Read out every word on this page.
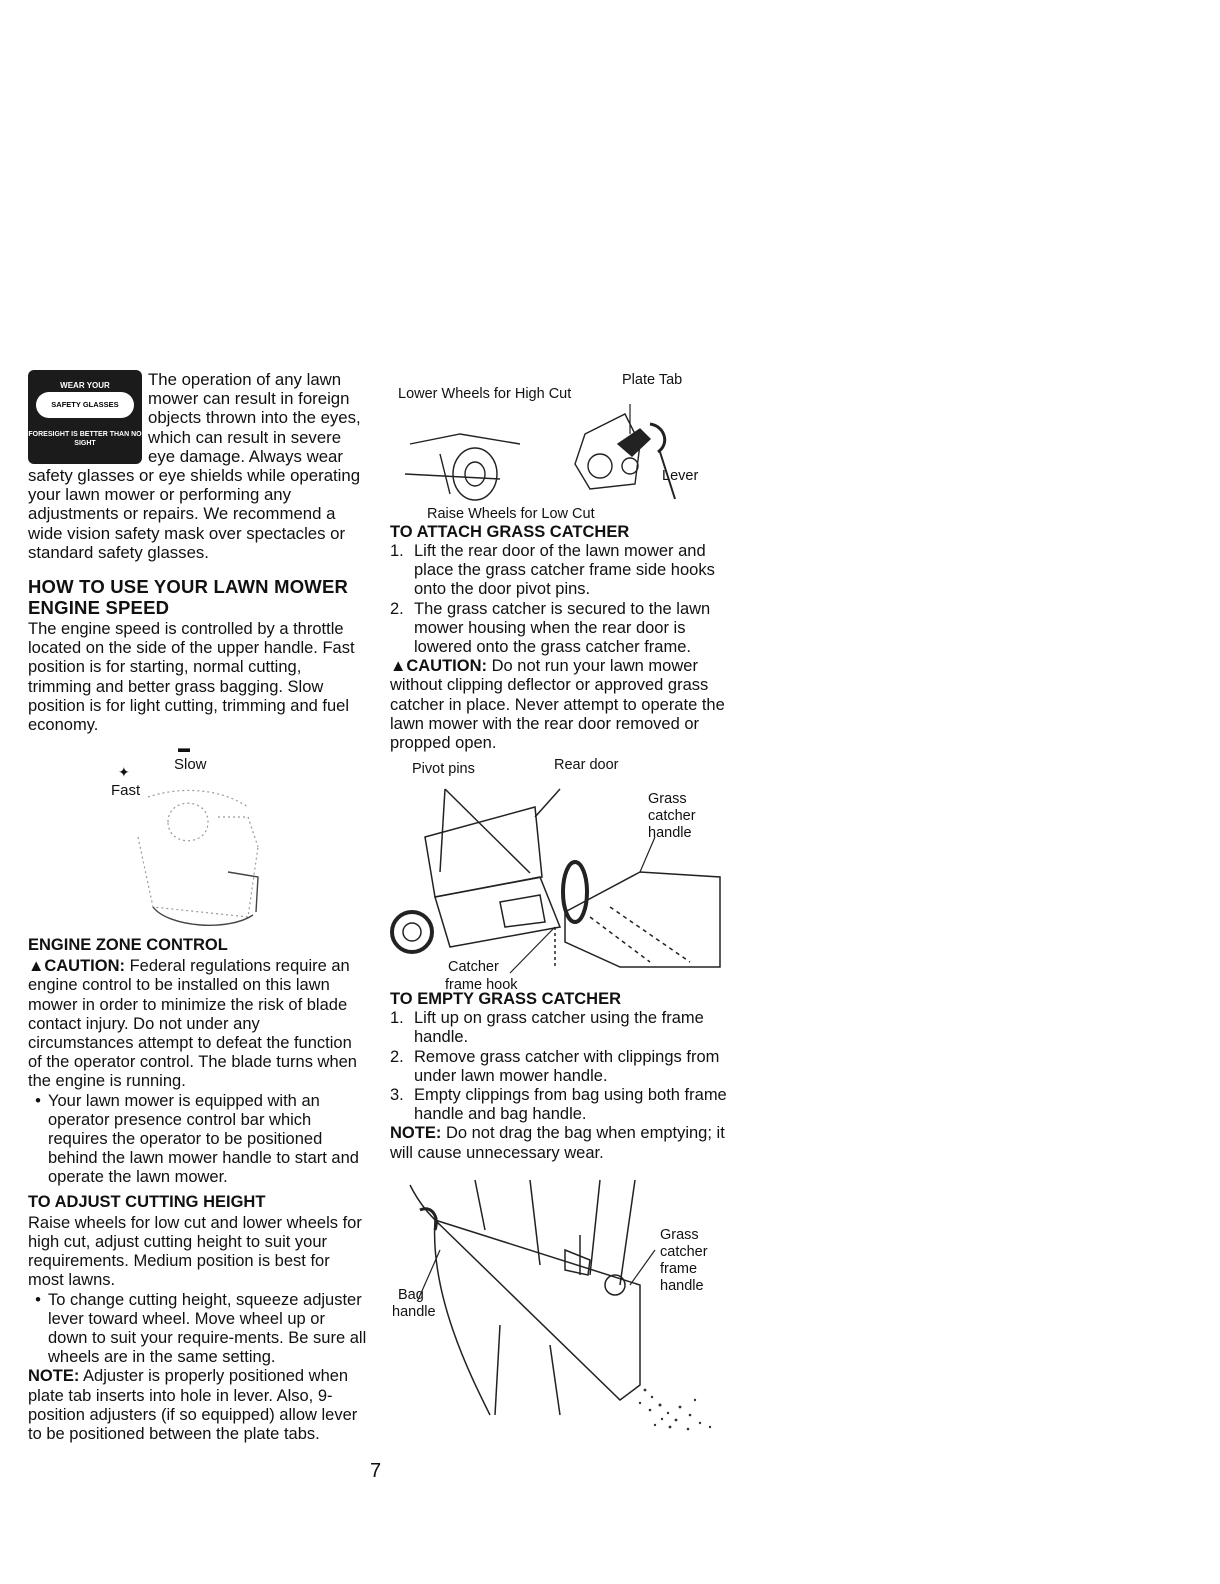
WEAR YOUR
SAFETY GLASSES
FORESIGHT IS BETTER THAN NO SIGHT

The operation of any lawn mower can result in foreign objects thrown into the eyes, which can result in severe eye damage. Always wear safety glasses or eye shields while operating your lawn mower or performing any adjustments or repairs. We recommend a wide vision safety mask over spectacles or standard safety glasses.

HOW TO USE YOUR LAWN MOWER
ENGINE SPEED

The engine speed is controlled by a throttle located on the side of the upper handle. Fast position is for starting, normal cutting, trimming and better grass bagging. Slow position is for light cutting, trimming and fuel economy.

Slow
▬
Fast
✦
ENGINE ZONE CONTROL

▲CAUTION: Federal regulations require an engine control to be installed on this lawn mower in order to minimize the risk of blade contact injury. Do not under any circumstances attempt to defeat the function of the operator control. The blade turns when the engine is running.

• Your lawn mower is equipped with an operator presence control bar which requires the operator to be positioned behind the lawn mower handle to start and operate the lawn mower.
TO ADJUST CUTTING HEIGHT

Raise wheels for low cut and lower wheels for high cut, adjust cutting height to suit your requirements. Medium position is best for most lawns.

• To change cutting height, squeeze adjuster lever toward wheel. Move wheel up or down to suit your require-ments. Be sure all wheels are in the same setting.

NOTE: Adjuster is properly positioned when plate tab inserts into hole in lever. Also, 9-position adjusters (if so equipped) allow lever to be positioned between the plate tabs.

Plate Tab
Lower Wheels for High Cut
Lever
Raise Wheels for Low Cut
TO ATTACH GRASS CATCHER
1. Lift the rear door of the lawn mower and place the grass catcher frame side hooks onto the door pivot pins.
2. The grass catcher is secured to the lawn mower housing when the rear door is lowered onto the grass catcher frame.

▲CAUTION: Do not run your lawn mower without clipping deflector or approved grass catcher in place. Never attempt to operate the lawn mower with the rear door removed or propped open.

Pivot pins	Rear door
Grass
catcher
handle
Catcher
frame hook
TO EMPTY GRASS CATCHER
1. Lift up on grass catcher using the frame handle.
2. Remove grass catcher with clippings from under lawn mower handle.
3. Empty clippings from bag using both frame handle and bag handle.

NOTE: Do not drag the bag when emptying; it will cause unnecessary wear.

Grass
catcher
frame
handle
Bag
handle
7
